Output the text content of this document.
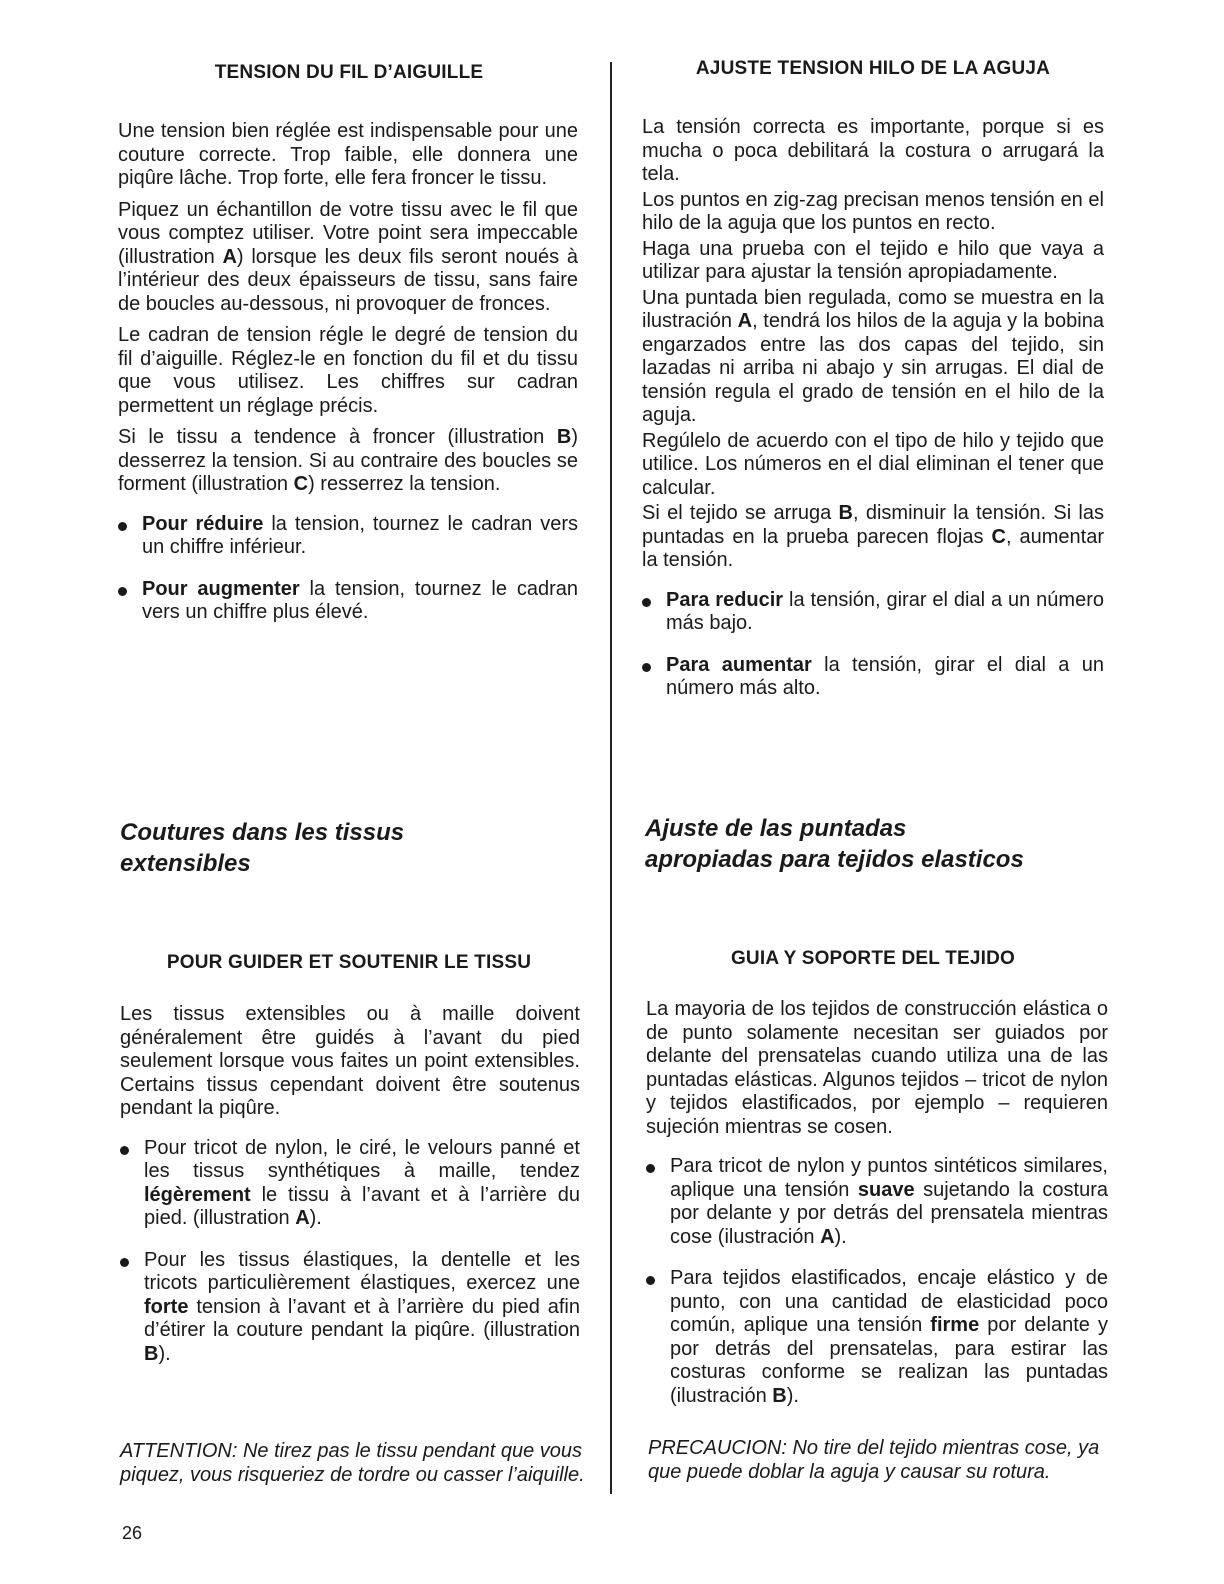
TENSION DU FIL D’AIGUILLE

Une tension bien réglée est indispensable pour une couture correcte. Trop faible, elle donnera une piqûre lâche. Trop forte, elle fera froncer le tissu.

Piquez un échantillon de votre tissu avec le fil que vous comptez utiliser. Votre point sera impeccable (illustration A) lorsque les deux fils seront noués à l’intérieur des deux épaisseurs de tissu, sans faire de boucles au-dessous, ni provoquer de fronces.

Le cadran de tension régle le degré de tension du fil d’aiguille. Réglez-le en fonction du fil et du tissu que vous utilisez. Les chiffres sur cadran permettent un réglage précis.

Si le tissu a tendence à froncer (illustration B) desserrez la tension. Si au contraire des boucles se forment (illustration C) resserrez la tension.

Pour réduire la tension, tournez le cadran vers un chiffre inférieur.
Pour augmenter la tension, tournez le cadran vers un chiffre plus élevé.
Coutures dans les tissus
extensibles
POUR GUIDER ET SOUTENIR LE TISSU

Les tissus extensibles ou à maille doivent généralement être guidés à l’avant du pied seulement lorsque vous faites un point extensibles. Certains tissus cependant doivent être soutenus pendant la piqûre.

Pour tricot de nylon, le ciré, le velours panné et les tissus synthétiques à maille, tendez légèrement le tissu à l’avant et à l’arrière du pied. (illustration A).
Pour les tissus élastiques, la dentelle et les tricots particulièrement élastiques, exercez une forte tension à l’avant et à l’arrière du pied afin d’étirer la couture pendant la piqûre. (illustration B).
ATTENTION: Ne tirez pas le tissu pendant que vous piquez, vous risqueriez de tordre ou casser l’aiquille.
26
AJUSTE TENSION HILO DE LA AGUJA

La tensión correcta es importante, porque si es mucha o poca debilitará la costura o arrugará la tela.

Los puntos en zig-zag precisan menos tensión en el hilo de la aguja que los puntos en recto.

Haga una prueba con el tejido e hilo que vaya a utilizar para ajustar la tensión apropiadamente.

Una puntada bien regulada, como se muestra en la ilustración A, tendrá los hilos de la aguja y la bobina engarzados entre las dos capas del tejido, sin lazadas ni arriba ni abajo y sin arrugas. El dial de tensión regula el grado de tensión en el hilo de la aguja.

Regúlelo de acuerdo con el tipo de hilo y tejido que utilice. Los números en el dial eliminan el tener que calcular.

Si el tejido se arruga B, disminuir la tensión. Si las puntadas en la prueba parecen flojas C, aumentar la tensión.

Para reducir la tensión, girar el dial a un número más bajo.
Para aumentar la tensión, girar el dial a un número más alto.
Ajuste de las puntadas
apropiadas para tejidos elasticos
GUIA Y SOPORTE DEL TEJIDO

La mayoria de los tejidos de construcción elástica o de punto solamente necesitan ser guiados por delante del prensatelas cuando utiliza una de las puntadas elásticas. Algunos tejidos – tricot de nylon y tejidos elastificados, por ejemplo – requieren sujeción mientras se cosen.

Para tricot de nylon y puntos sintéticos similares, aplique una tensión suave sujetando la costura por delante y por detrás del prensatela mientras cose (ilustración A).
Para tejidos elastificados, encaje elástico y de punto, con una cantidad de elasticidad poco común, aplique una tensión firme por delante y por detrás del prensatelas, para estirar las costuras conforme se realizan las puntadas (ilustración B).
PRECAUCION: No tire del tejido mientras cose, ya que puede doblar la aguja y causar su rotura.
